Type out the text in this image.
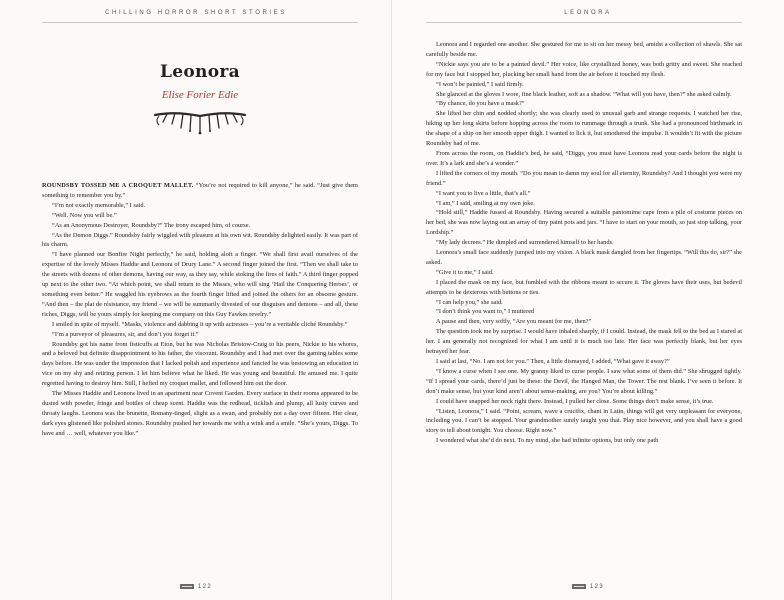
CHILLING HORROR SHORT STORIES
Leonora
Elise Forier Edie

ROUNDSBY TOSSED ME A CROQUET MALLET. “You’re not required to kill anyone,” he said. “Just give them something to remember you by.”

“I’m not exactly memorable,” I said.

“Well. Now you will be.”

“As an Anonymous Destroyer, Roundsby?” The irony escaped him, of course.

“As the Demon Diggs.” Roundsby fairly wiggled with pleasure at his own wit. Roundsby delighted easily. It was part of his charm.

“I have planned our Bonfire Night perfectly,” he said, holding aloft a finger. “We shall first avail ourselves of the expertise of the lovely Misses Haddie and Leonora of Drury Lane.” A second finger joined the first. “Then we shall take to the streets with dozens of other demons, having our way, as they say, while stoking the fires of faith.” A third finger popped up next to the other two. “At which point, we shall return to the Misses, who will sing ‘Hail the Conquering Heroes’, or something even better.” He waggled his eyebrows as the fourth finger lifted and joined the others for an obscene gesture. “And then – the plat de résistance, my friend – we will be summarily divested of our disguises and demons – and all, these riches, Diggs, will be yours simply for keeping me company on this Guy Fawkes revelry.”

I smiled in spite of myself. “Masks, violence and dabbing it up with actresses – you’re a veritable cliché Roundsby.”

“I’m a purveyor of pleasures, sir, and don’t you forget it.”

Roundsby got his name from fisticuffs at Eton, but he was Nicholas Bristow-Craig to his peers, Nickie to his whores, and a beloved but definite disappointment to his father, the viscount. Roundsby and I had met over the gaming tables some days before. He was under the impression that I lacked polish and experience and fancied he was bestowing an education in vice on my shy and retiring person. I let him believe what he liked. He was young and beautiful. He amused me. I quite regretted having to destroy him. Still, I hefted my croquet mallet, and followed him out the door.

The Misses Haddie and Leonora lived in an apartment near Covent Garden. Every surface in their rooms appeared to be dusted with powder, fringe and bottles of cheap scent. Haddie was the redhead, ticklish and plump, all lusty curves and throaty laughs. Leonora was the brunette, Romany-tinged, slight as a swan, and probably not a day over fifteen. Her clear, dark eyes glistened like polished stones. Roundsby pushed her towards me with a wink and a smile. “She’s yours, Diggs. To have and … well, whatever you like.”

122
LEONORA

Leonora and I regarded one another. She gestured for me to sit on her messy bed, amidst a collection of shawls. She sat carefully beside me.

“Nickie says you are to be a painted devil.” Her voice, like crystallized honey, was both gritty and sweet. She reached for my face but I stopped her, plucking her small hand from the air before it touched my flesh.

“I won’t be painted,” I said firmly.

She glanced at the gloves I wore, fine black leather, soft as a shadow. “What will you have, then?” she asked calmly.

“By chance, do you have a mask?”

She lifted her chin and nodded shortly; she was clearly used to unusual garb and strange requests. I watched her rise, hiking up her long skirts before hopping across the room to rummage through a trunk. She had a pronounced birthmark in the shape of a ship on her smooth upper thigh. I wanted to lick it, but smothered the impulse. It wouldn’t fit with the picture Roundsby had of me.

From across the room, on Haddie’s bed, he said, “Diggs, you must have Leonora read your cards before the night is over. It’s a lark and she’s a wonder.”

I lifted the corners of my mouth. “Do you mean to damn my soul for all eternity, Roundsby? And I thought you were my friend.”

“I want you to live a little, that’s all.”

“I am,” I said, smiling at my own joke.

“Hold still,” Haddie fussed at Roundsby. Having secured a suitable pantomime cape from a pile of costume pieces on her bed, she was now laying out an array of tiny paint pots and jars. “I have to start on your mouth, so just stop talking, your Lordship.”

“My lady decrees.” He dimpled and surrendered himself to her hands.

Leonora’s small face suddenly jumped into my vision. A black mask dangled from her fingertips. “Will this do, sir?” she asked.

“Give it to me,” I said.

I placed the mask on my face, but fumbled with the ribbons meant to secure it. The gloves have their uses, but bedevil attempts to be dexterous with buttons or ties.

“I can help you,” she said.

“I don’t think you want to,” I muttered

A pause and then, very softly, “Are you meant for me, then?”

The question took me by surprise. I would have inhaled sharply, if I could. Instead, the mask fell to the bed as I stared at her. I am generally not recognized for what I am until it is much too late. Her face was perfectly blank, but her eyes betrayed her fear.

I said at last, “No. I am not for you.” Then, a little dismayed, I added, “What gave it away?”

“I know a curse when I see one. My granny liked to curse people. I saw what some of them did.” She shrugged tightly. “If I spread your cards, there’d just be these: the Devil, the Hanged Man, the Tower. The rest blank. I’ve seen it before. It don’t make sense, but your kind aren’t about sense-making, are you? You’re about killing.”

I could have snapped her neck right there. Instead, I pulled her close. Some things don’t make sense, it’s true.

“Listen, Leonora,” I said. “Point, scream, wave a crucifix, chant in Latin, things will get very unpleasant for everyone, including you. I can’t be stopped. Your grandmother surely taught you that. Play nice however, and you shall have a good story to tell about tonight. You choose. Right now.”

I wondered what she’d do next. To my mind, she had infinite options, but only one path

123
